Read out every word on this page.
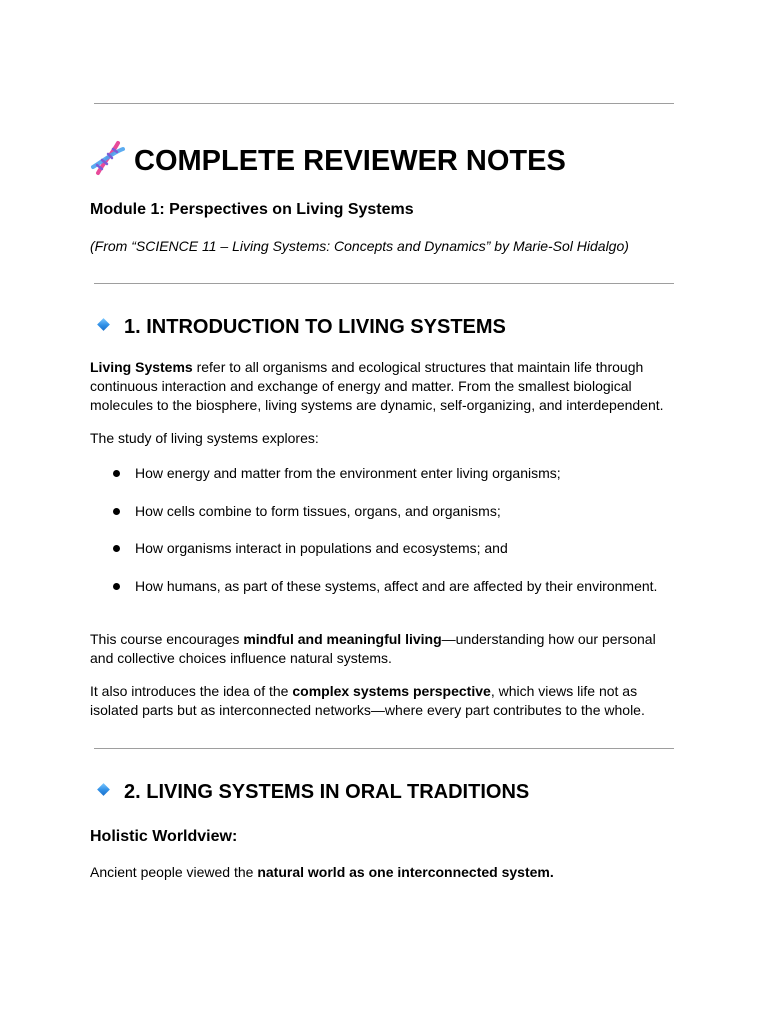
COMPLETE REVIEWER NOTES
Module 1: Perspectives on Living Systems

(From “SCIENCE 11 – Living Systems: Concepts and Dynamics” by Marie-Sol Hidalgo)

1. INTRODUCTION TO LIVING SYSTEMS

Living Systems refer to all organisms and ecological structures that maintain life through continuous interaction and exchange of energy and matter. From the smallest biological molecules to the biosphere, living systems are dynamic, self-organizing, and interdependent.

The study of living systems explores:

How energy and matter from the environment enter living organisms;
How cells combine to form tissues, organs, and organisms;
How organisms interact in populations and ecosystems; and
How humans, as part of these systems, affect and are affected by their environment.

This course encourages mindful and meaningful living—understanding how our personal and collective choices influence natural systems.

It also introduces the idea of the complex systems perspective, which views life not as isolated parts but as interconnected networks—where every part contributes to the whole.

2. LIVING SYSTEMS IN ORAL TRADITIONS
Holistic Worldview:

Ancient people viewed the natural world as one interconnected system.
